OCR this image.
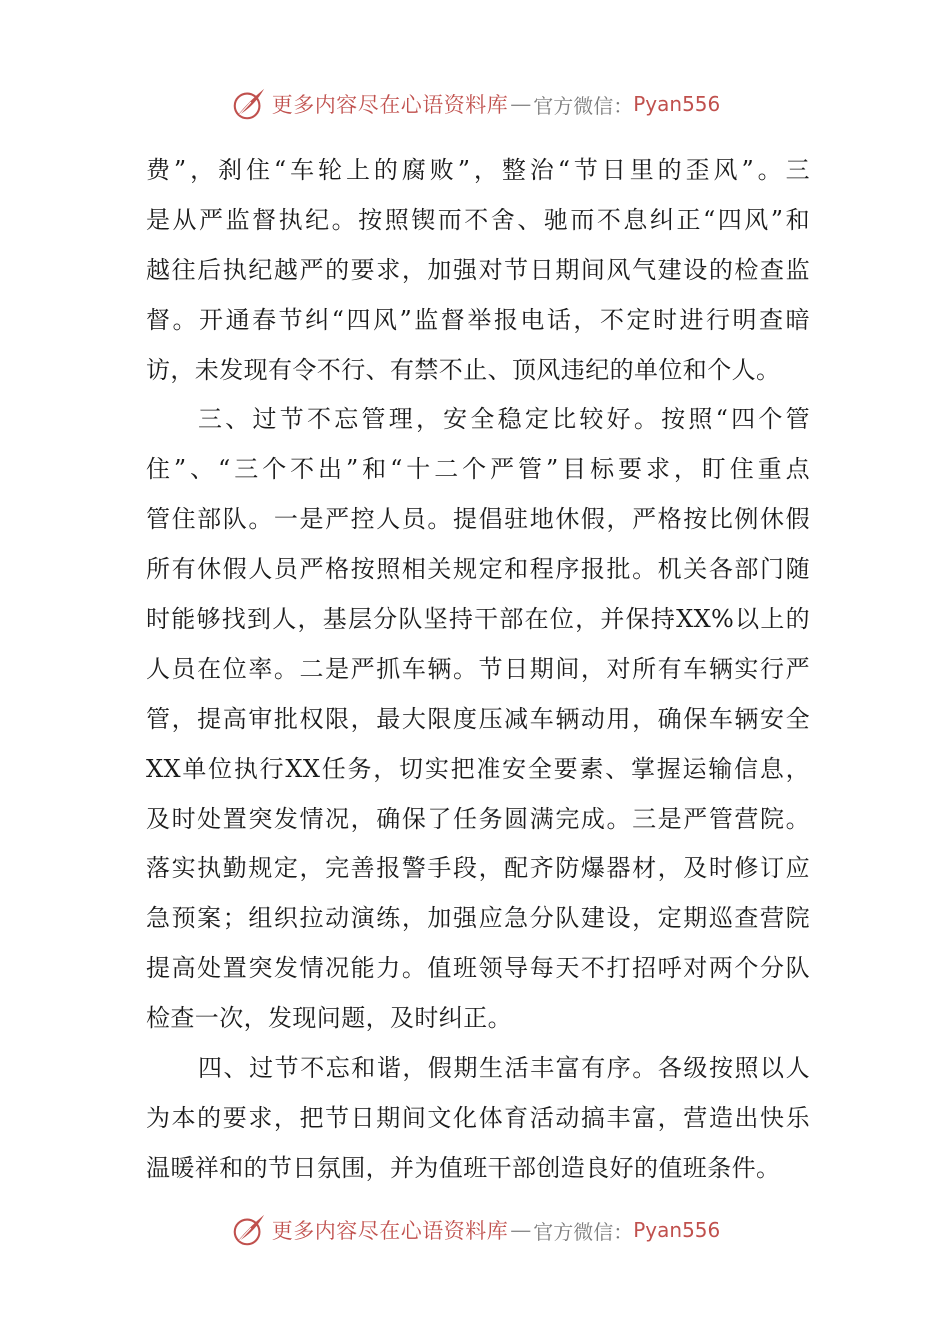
更多内容尽在心语资料库 — 官方微信： Pyan556
费”，刹住“车轮上的腐败”，整治“节日里的歪风”。三
是从严监督执纪。按照锲而不舍、驰而不息纠正“四风”和
越往后执纪越严的要求，加强对节日期间风气建设的检查监
督。开通春节纠“四风”监督举报电话，不定时进行明查暗
访，未发现有令不行、有禁不止、顶风违纪的单位和个人。
三、过节不忘管理，安全稳定比较好。按照“四个管
住”、“三个不出”和“十二个严管”目标要求，盯住重点
管住部队。一是严控人员。提倡驻地休假，严格按比例休假
所有休假人员严格按照相关规定和程序报批。机关各部门随
时能够找到人，基层分队坚持干部在位，并保持XX%以上的
人员在位率。二是严抓车辆。节日期间，对所有车辆实行严
管，提高审批权限，最大限度压减车辆动用，确保车辆安全
XX单位执行XX任务，切实把准安全要素、掌握运输信息，
及时处置突发情况，确保了任务圆满完成。三是严管营院。
落实执勤规定，完善报警手段，配齐防爆器材，及时修订应
急预案；组织拉动演练，加强应急分队建设，定期巡查营院
提高处置突发情况能力。值班领导每天不打招呼对两个分队
检查一次，发现问题，及时纠正。
四、过节不忘和谐，假期生活丰富有序。各级按照以人
为本的要求，把节日期间文化体育活动搞丰富，营造出快乐
温暖祥和的节日氛围，并为值班干部创造良好的值班条件。
更多内容尽在心语资料库 — 官方微信： Pyan556
